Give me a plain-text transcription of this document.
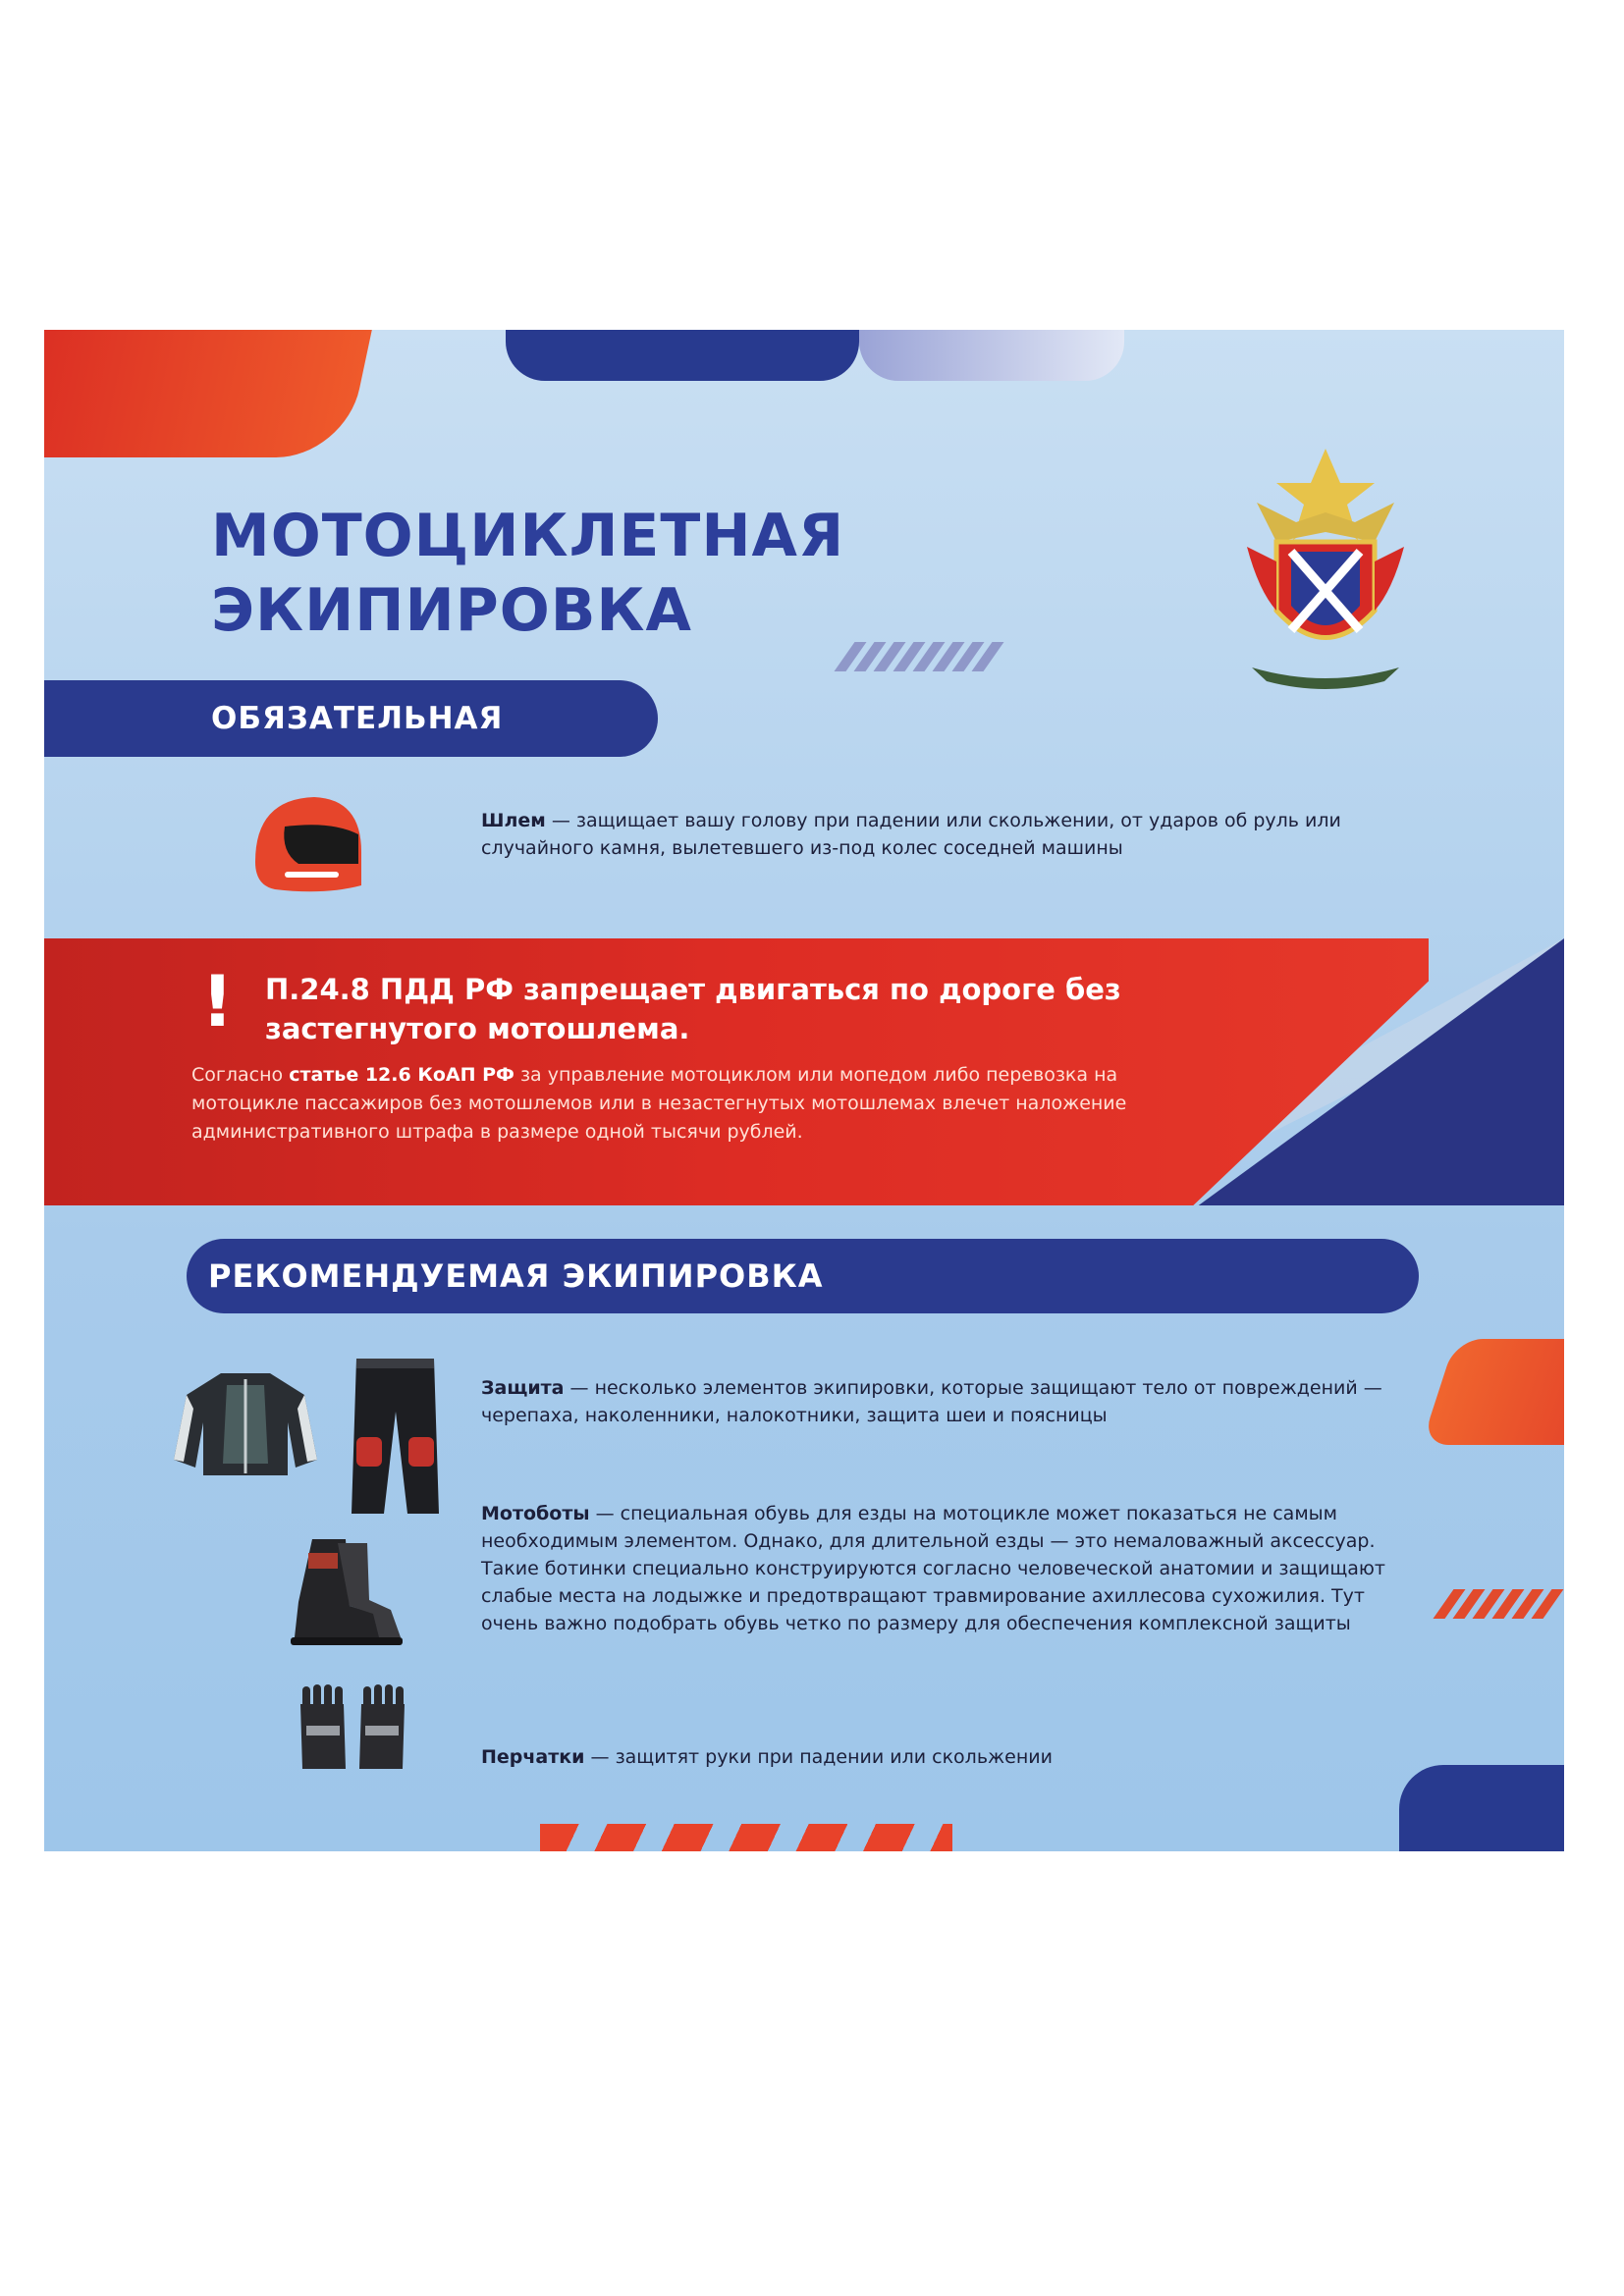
МОТОЦИКЛЕТНАЯ
ЭКИПИРОВКА
ОБЯЗАТЕЛЬНАЯ

Шлем — защищает вашу голову при падении или скольжении, от ударов об руль или случайного камня, вылетевшего из-под колес соседней машины

! П.24.8 ПДД РФ запрещает двигаться по дороге без застегнутого мотошлема.

Согласно статье 12.6 КоАП РФ за управление мотоциклом или мопедом либо перевозка на мотоцикле пассажиров без мотошлемов или в незастегнутых мотошлемах влечет наложение административного штрафа в размере одной тысячи рублей.

РЕКОМЕНДУЕМАЯ ЭКИПИРОВКА

Защита — несколько элементов экипировки, которые защищают тело от повреждений — черепаха, наколенники, налокотники, защита шеи и поясницы

Мотоботы — специальная обувь для езды на мотоцикле может показаться не самым необходимым элементом. Однако, для длительной езды — это немаловажный аксессуар. Такие ботинки специально конструируются согласно человеческой анатомии и защищают слабые места на лодыжке и предотвращают травмирование ахиллесова сухожилия. Тут очень важно подобрать обувь четко по размеру для обеспечения комплексной защиты

Перчатки — защитят руки при падении или скольжении
